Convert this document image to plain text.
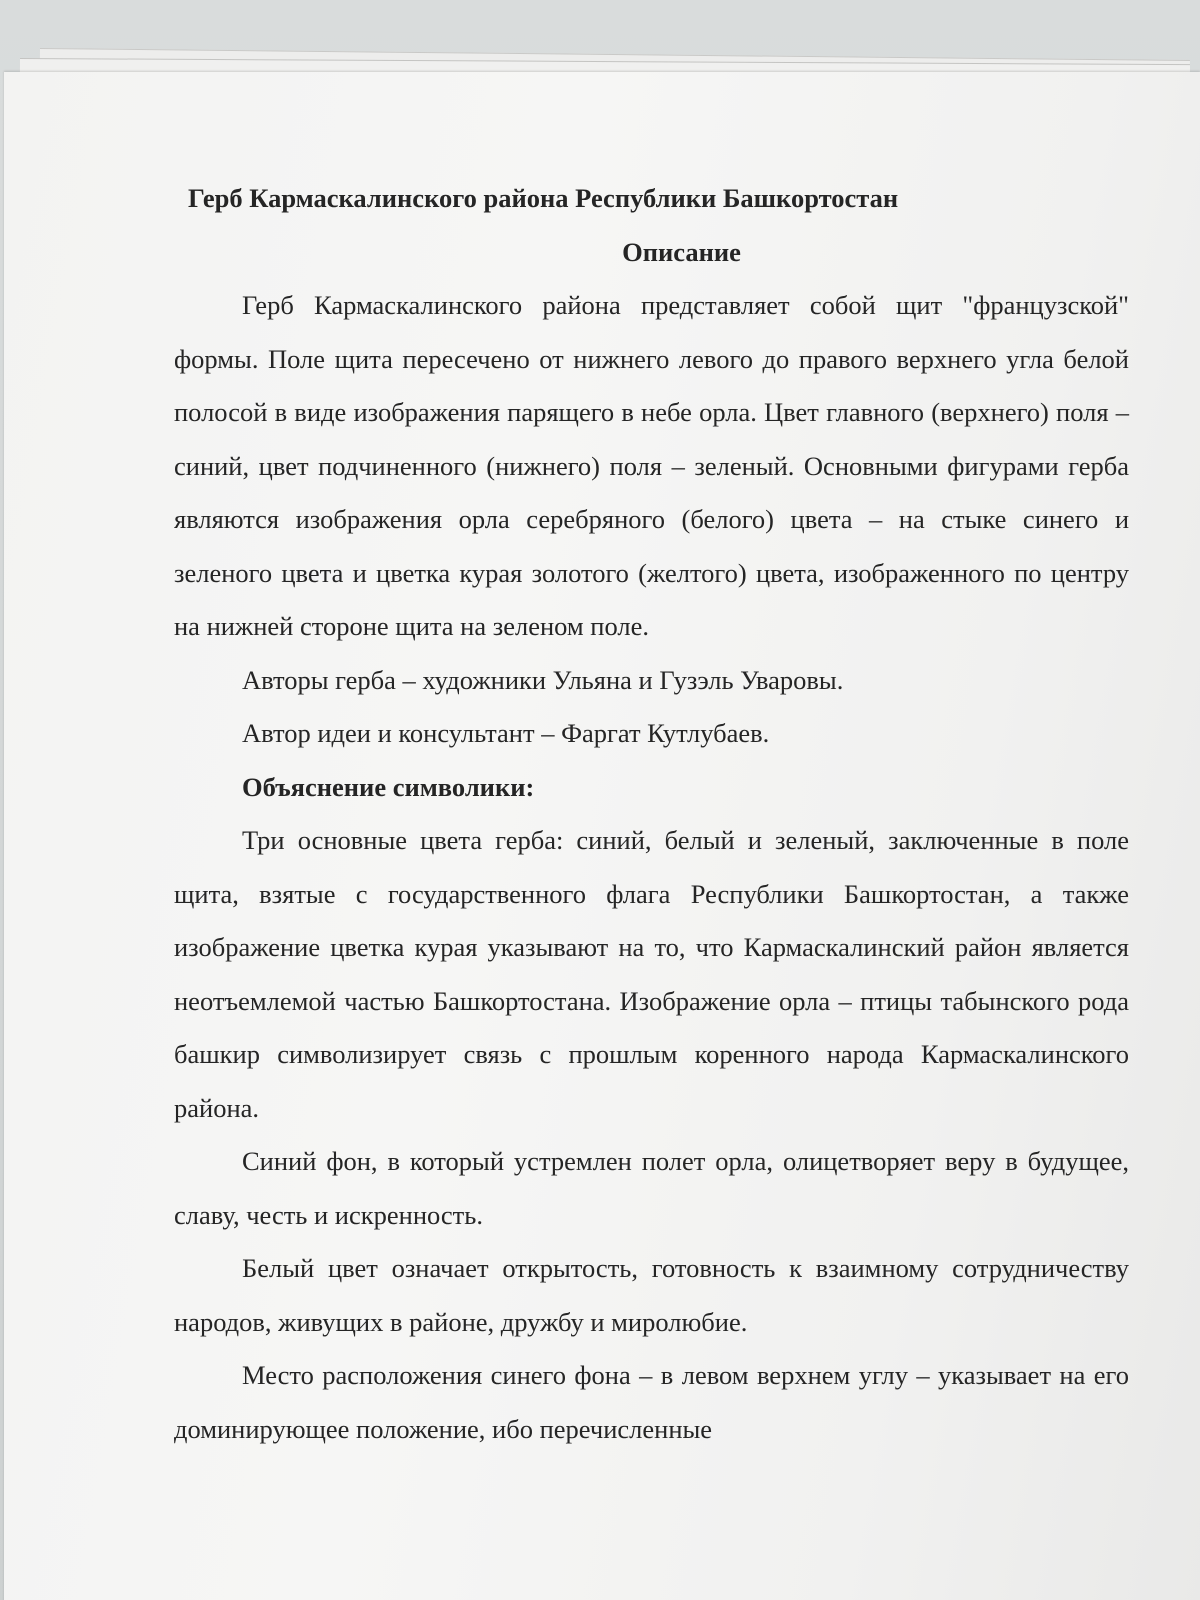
Герб Кармаскалинского района Республики Башкортостан

Описание

Герб Кармаскалинского района представляет собой щит "французской" формы. Поле щита пересечено от нижнего левого до правого верхнего угла белой полосой в виде изображения парящего в небе орла. Цвет главного (верхнего) поля – синий, цвет подчиненного (нижнего) поля – зеленый. Основными фигурами герба являются изображения орла серебряного (белого) цвета – на стыке синего и зеленого цвета и цветка курая золотого (желтого) цвета, изображенного по центру на нижней стороне щита на зеленом поле.

Авторы герба – художники Ульяна и Гузэль Уваровы.

Автор идеи и консультант – Фаргат Кутлубаев.

Объяснение символики:

Три основные цвета герба: синий, белый и зеленый, заключенные в поле щита, взятые с государственного флага Республики Башкортостан, а также изображение цветка курая указывают на то, что Кармаскалинский район является неотъемлемой частью Башкортостана. Изображение орла – птицы табынского рода башкир символизирует связь с прошлым коренного народа Кармаскалинского района.

Синий фон, в который устремлен полет орла, олицетворяет веру в будущее, славу, честь и искренность.

Белый цвет означает открытость, готовность к взаимному сотрудничеству народов, живущих в районе, дружбу и миролюбие.

Место расположения синего фона – в левом верхнем углу – указывает на его доминирующее положение, ибо перечисленные
